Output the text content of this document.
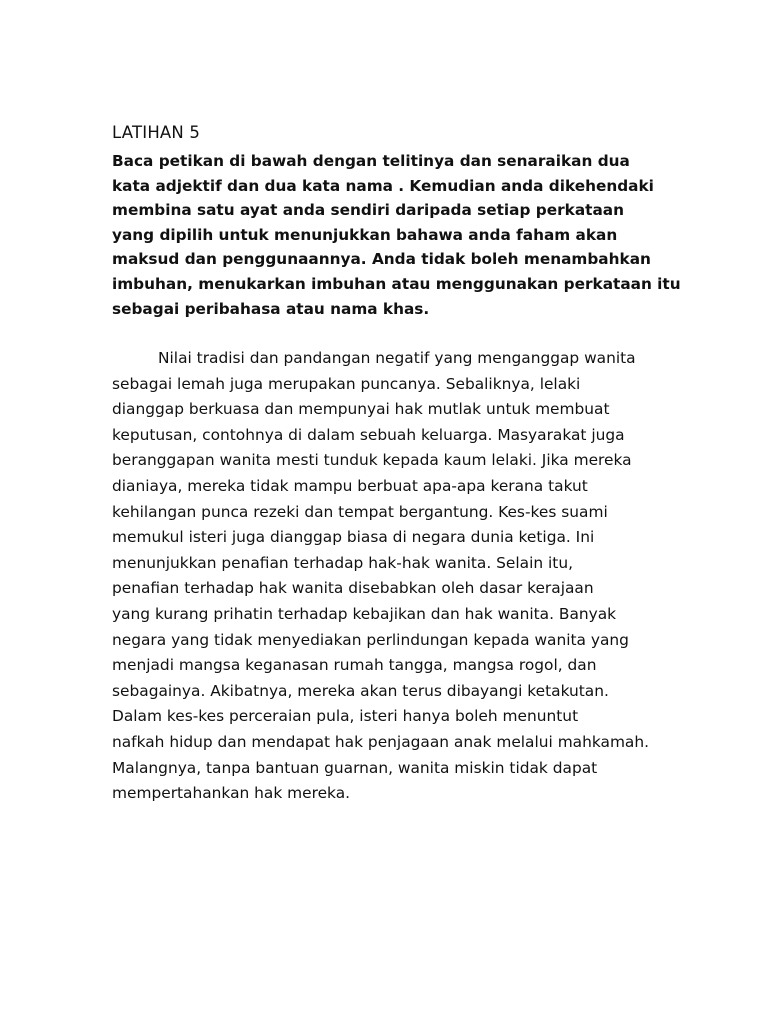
LATIHAN 5
Baca petikan di bawah dengan telitinya dan senaraikan dua
kata adjektif dan dua kata nama . Kemudian anda dikehendaki
membina satu ayat anda sendiri daripada setiap perkataan
yang dipilih untuk menunjukkan bahawa anda faham akan
maksud dan penggunaannya. Anda tidak boleh menambahkan
imbuhan, menukarkan imbuhan atau menggunakan perkataan itu
sebagai peribahasa atau nama khas.
Nilai tradisi dan pandangan negatif yang menganggap wanita
sebagai lemah juga merupakan puncanya. Sebaliknya, lelaki
dianggap berkuasa dan mempunyai hak mutlak untuk membuat
keputusan, contohnya di dalam sebuah keluarga. Masyarakat juga
beranggapan wanita mesti tunduk kepada kaum lelaki. Jika mereka
dianiaya, mereka tidak mampu berbuat apa-apa kerana takut
kehilangan punca rezeki dan tempat bergantung. Kes-kes suami
memukul isteri juga dianggap biasa di negara dunia ketiga. Ini
menunjukkan penafian terhadap hak-hak wanita. Selain itu,
penafian terhadap hak wanita disebabkan oleh dasar kerajaan
yang kurang prihatin terhadap kebajikan dan hak wanita. Banyak
negara yang tidak menyediakan perlindungan kepada wanita yang
menjadi mangsa keganasan rumah tangga, mangsa rogol, dan
sebagainya. Akibatnya, mereka akan terus dibayangi ketakutan.
Dalam kes-kes perceraian pula, isteri hanya boleh menuntut
nafkah hidup dan mendapat hak penjagaan anak melalui mahkamah.
Malangnya, tanpa bantuan guarnan, wanita miskin tidak dapat
mempertahankan hak mereka.
